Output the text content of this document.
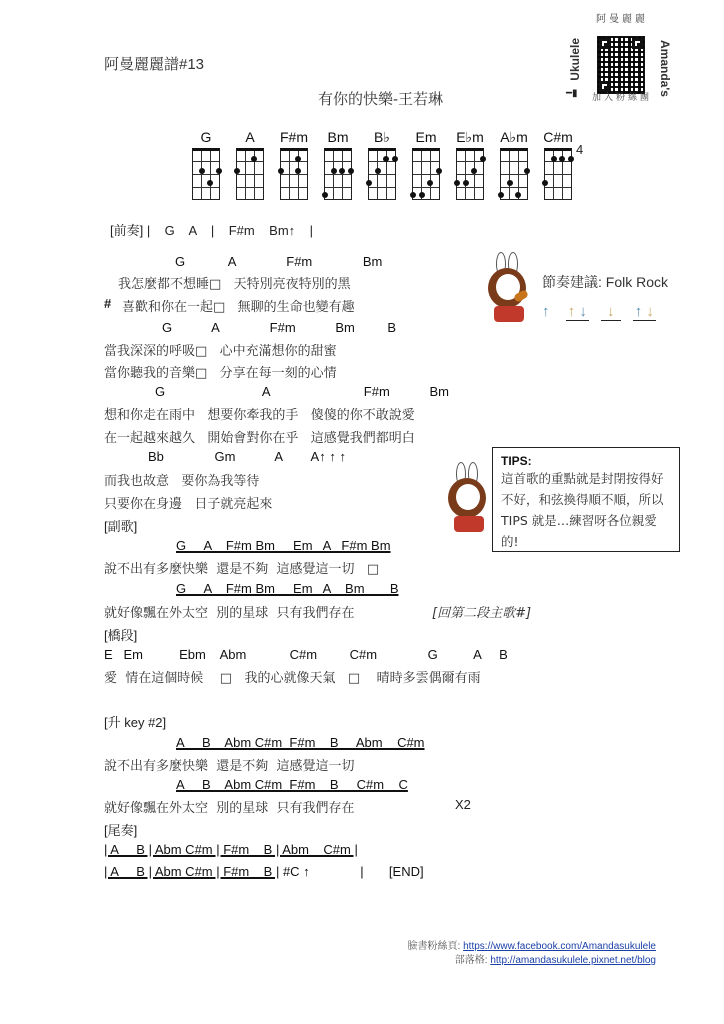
阿曼麗麗譜#13
有你的快樂-王若琳
阿曼麗麗
Ukulele	Amanda's
━▮ 加入粉絲團
G	A	F#m	Bm	B♭	Em	E♭m	A♭m	C#m
4
[前奏] |    G    A    |    F#m    Bm↑    |
G            A              F#m              Bm
我怎麼都不想睡□   天特別亮夜特別的黑
# 喜歡和你在一起□   無聊的生命也變有趣
G           A              F#m           Bm         B
當我深深的呼吸□   心中充滿想你的甜蜜
當你聽我的音樂□   分享在每一刻的心情
G                           A                          F#m           Bm
想和你走在雨中   想要你牽我的手   傻傻的你不敢說愛
在一起越來越久   開始會對你在乎   這感覺我們都明白
Bb              Gm           A        A↑ ↑ ↑
而我也故意   要你為我等待
只要你在身邊   日子就亮起來
節奏建議: Folk Rock
↑ ↑ ↓ ↓ ↑ ↓
TIPS:
這首歌的重點就是封閉按得好不好，和弦換得順不順，所以 TIPS 就是…練習呀各位親愛的!
[副歌]
G     A    F#m Bm     Em   A   F#m Bm
說不出有多麼快樂  還是不夠  這感覺這一切   □
G     A    F#m Bm     Em   A    Bm       B
就好像飄在外太空  別的星球  只有我們存在	[回第二段主歌#]
[橋段]
E   Em          Ebm    Abm            C#m         C#m              G          A     B
愛  情在這個時候    □   我的心就像天氣   □    晴時多雲偶爾有雨
[升 key #2]
A     B    Abm C#m  F#m    B     Abm    C#m
說不出有多麼快樂  還是不夠  這感覺這一切
A     B    Abm C#m  F#m    B     C#m    C
就好像飄在外太空  別的星球  只有我們存在	X2
[尾奏]
| A     B | Abm C#m | F#m    B | Abm    C#m |
| A     B | Abm C#m | F#m    B | #C ↑              |       [END]
臉書粉絲頁: https://www.facebook.com/Amandasukulele
部落格: http://amandasukulele.pixnet.net/blog
